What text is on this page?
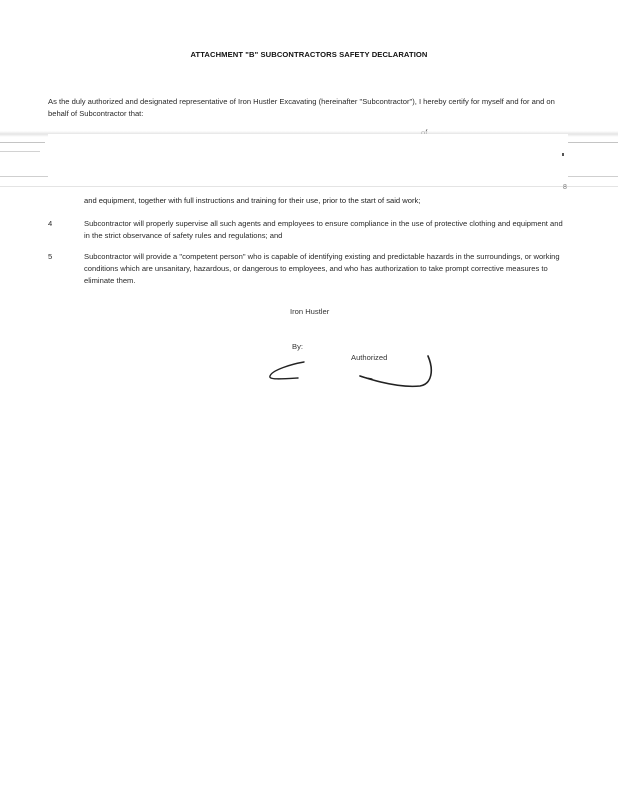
ATTACHMENT "B" SUBCONTRACTORS SAFETY DECLARATION
As the duly authorized and designated representative of Iron Hustler Excavating (hereinafter "Subcontractor"), I hereby certify for myself and for and on behalf of Subcontractor that:
8
and equipment, together with full instructions and training for their use, prior to the start of said work;
4	Subcontractor will properly supervise all such agents and employees to ensure compliance in the use of protective clothing and equipment and in the strict observance of safety rules and regulations; and
5	Subcontractor will provide a "competent person" who is capable of identifying existing and predictable hazards in the surroundings, or working conditions which are unsanitary, hazardous, or dangerous to employees, and who has authorization to take prompt corrective measures to eliminate them.
Iron Hustler
By:
Authorized
